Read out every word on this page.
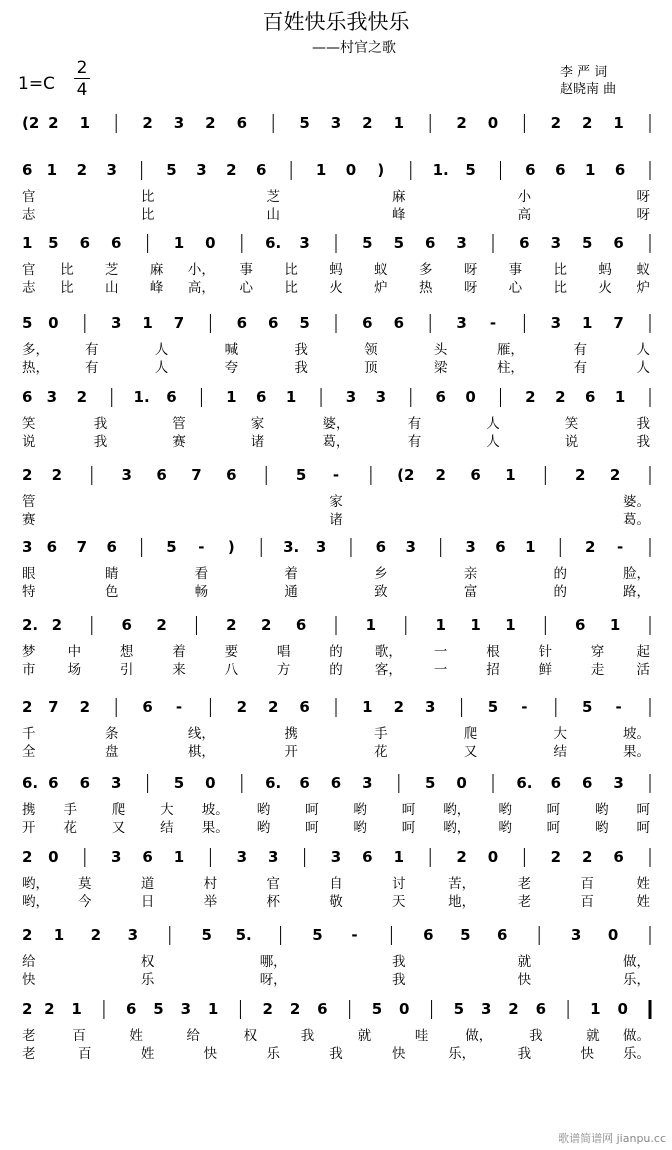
百姓快乐我快乐
——村官之歌
1=C
2
4
李 严 词
赵晓南 曲
(2 2 1	2 3 2 6	5 3 2 1	2 0	2 2 1
6 1 2 3	5 3 2 6	1 0 )	1. 5	6 6 1 6
官	比	芝	麻	小	呀
志	比	山	峰	高	呀
1 5 6 6	1 0	6. 3	5 5 6 3	6 3 5 6
官 比 芝 麻 小， 事 比 蚂 蚁 多 呀 事 比 蚂 蚁
志 比 山 峰 高， 心 比 火 炉 热 呀 心 比 火 炉
5 0	3 1 7	6 6 5	6 6	3 -	3 1 7
多，	有	人	喊	我	领	头	雁，	有	人
热，	有	人	夸	我	顶	梁	柱，	有	人
6 3 2	1. 6	1 6 1	3 3	6 0	2 2 6 1
笑	我	管	家	婆，	有	人	笑	我
说	我	赛	诸	葛，	有	人	说	我
2 2	3 6 7 6	5 -	(2 2 6 1	2 2
管	家	婆。
赛	诸	葛。
3 6 7 6	5 - )	3. 3	6 3	3 6 1	2 -
眼	睛	看	着	乡	亲	的	脸，
特	色	畅	通	致	富	的	路，
2. 2	6 2	2 2 6	1	1 1 1	6 1
梦 中	想	着	要	唱	的 歌， 一	根	针	穿 起
市 场	引	来	八	方	的 客， 一	招	鲜	走 活
2 7 2	6 -	2 2 6	1 2 3	5 -	5 -
千	条	线，	携	手	爬	大	坡。
全	盘	棋，	开	花	又	结	果。
6. 6 6 3	5 0	6. 6 6 3	5 0	6. 6 6 3
携 手	爬	大 坡。 哟	呵	哟	呵 哟， 哟	呵	哟 呵
开 花	又	结 果。 哟	呵	哟	呵 哟， 哟	呵	哟 呵
2 0	3 6 1	3 3	3 6 1	2 0	2 2 6
哟， 莫	道	村	官	自	讨	苦，	老	百	姓
哟， 今	日	举	杯	敬	天	地，	老	百	姓
2 1 2 3	5 5.	5 -	6 5 6	3 0
给	权	哪，	我	就	做，
快	乐	呀，	我	快	乐，
2 2 1	6 5 3 1	2 2 6	5 0	5 3 2 6	1 0
老	百	姓	给	权	我	就	哇	做，	我	就 做。
老	百	姓	快	乐	我	快	乐，	我	快 乐。
歌谱简谱网 jianpu.cc
